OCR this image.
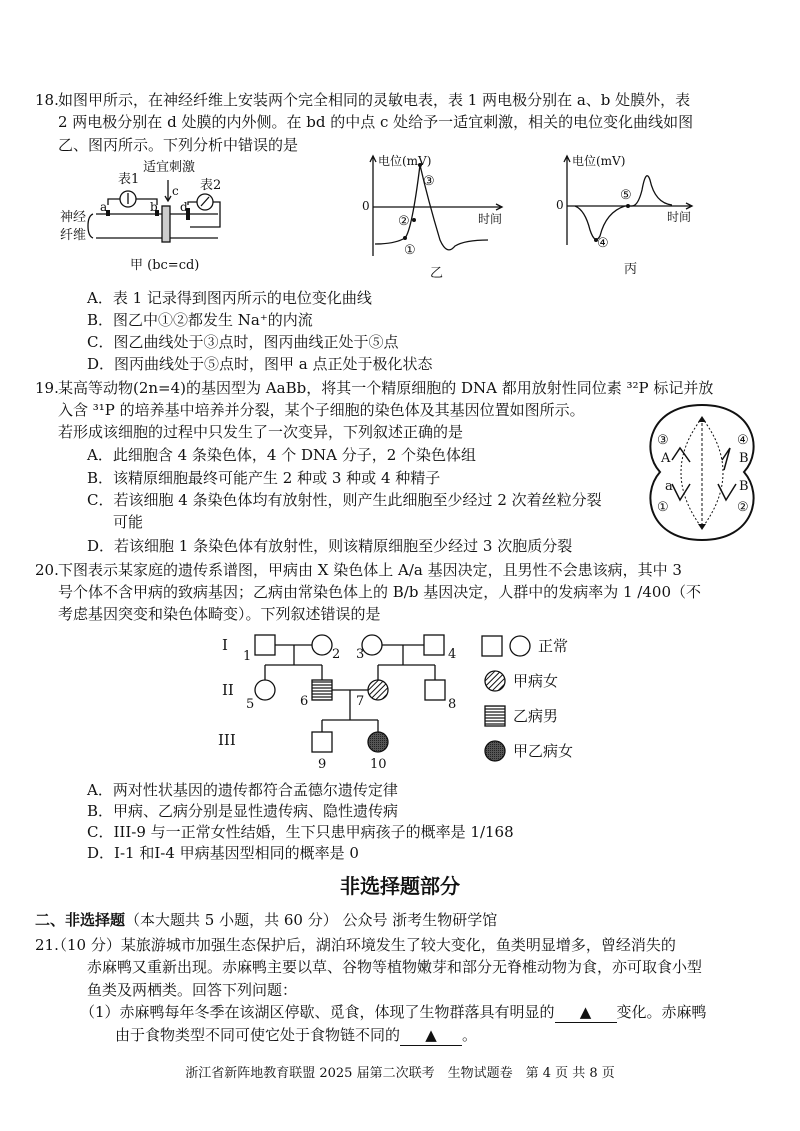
18. 如图甲所示，在神经纤维上安装两个完全相同的灵敏电表，表 1 两电极分别在 a、b 处膜外，表
2 两电极分别在 d 处膜的内外侧。在 bd 的中点 c 处给予一适宜刺激，相关的电位变化曲线如图
乙、图丙所示。下列分析中错误的是
表1	表2
适宜刺激
a	b
c
d
神经
纤维
甲 (bc=cd)
电位(mV)
0
时间
①
②
③
乙
电位(mV)
0
时间
④
⑤
丙
A．表 1 记录得到图丙所示的电位变化曲线
B．图乙中①②都发生 Na⁺的内流
C．图乙曲线处于③点时，图丙曲线正处于⑤点
D．图丙曲线处于⑤点时，图甲 a 点正处于极化状态
19. 某高等动物(2n=4)的基因型为 AaBb，将其一个精原细胞的 DNA 都用放射性同位素 ³²P 标记并放
入含 ³¹P 的培养基中培养并分裂，某个子细胞的染色体及其基因位置如图所示。
若形成该细胞的过程中只发生了一次变异，下列叙述正确的是
A．此细胞含 4 条染色体，4 个 DNA 分子，2 个染色体组
B．该精原细胞最终可能产生 2 种或 3 种或 4 种精子
C．若该细胞 4 条染色体均有放射性，则产生此细胞至少经过 2 次着丝粒分裂
可能
D．若该细胞 1 条染色体有放射性，则该精原细胞至少经过 3 次胞质分裂
③	④
A	B
a	B
①	②
20. 下图表示某家庭的遗传系谱图，甲病由 X 染色体上 A/a 基因决定，且男性不会患该病，其中 3
号个体不含甲病的致病基因；乙病由常染色体上的 B/b 基因决定，人群中的发病率为 1 /400（不
考虑基因突变和染色体畸变）。下列叙述错误的是
I
II
III
1	2 3	4
5	6	7	8
9	10
正常
甲病女
乙病男
甲乙病女
A．两对性状基因的遗传都符合孟德尔遗传定律
B．甲病、乙病分别是显性遗传病、隐性遗传病
C．III-9 与一正常女性结婚，生下只患甲病孩子的概率是 1/168
D．I-1 和I-4 甲病基因型相同的概率是 0
非选择题部分
二、非选择题（本大题共 5 小题，共 60 分） 公众号 浙考生物研学馆
21.
（10 分）某旅游城市加强生态保护后，湖泊环境发生了较大变化，鱼类明显增多，曾经消失的
赤麻鸭又重新出现。赤麻鸭主要以草、谷物等植物嫩芽和部分无脊椎动物为食，亦可取食小型
鱼类及两栖类。回答下列问题：
（1）赤麻鸭每年冬季在该湖区停歇、觅食，体现了生物群落具有明显的 ▲ 变化。赤麻鸭
由于食物类型不同可使它处于食物链不同的 ▲ 。
浙江省新阵地教育联盟 2025 届第二次联考　生物试题卷　第 4 页 共 8 页
